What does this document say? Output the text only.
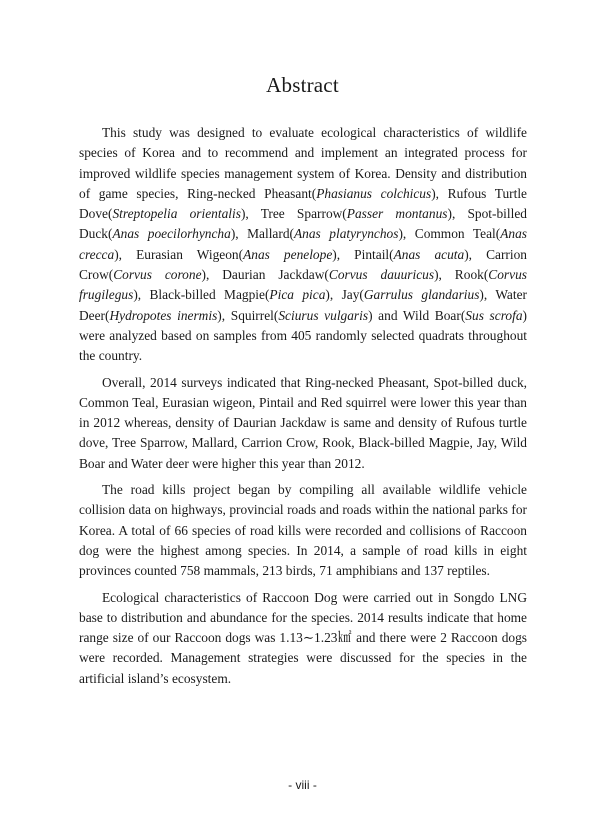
Abstract

This study was designed to evaluate ecological characteristics of wildlife species of Korea and to recommend and implement an integrated process for improved wildlife species management system of Korea. Density and distribution of game species, Ring-necked Pheasant(Phasianus colchicus), Rufous Turtle Dove(Streptopelia orientalis), Tree Sparrow(Passer montanus), Spot-billed Duck(Anas poecilorhyncha), Mallard(Anas platyrynchos), Common Teal(Anas crecca), Eurasian Wigeon(Anas penelope), Pintail(Anas acuta), Carrion Crow(Corvus corone), Daurian Jackdaw(Corvus dauuricus), Rook(Corvus frugilegus), Black-billed Magpie(Pica pica), Jay(Garrulus glandarius), Water Deer(Hydropotes inermis), Squirrel(Sciurus vulgaris) and Wild Boar(Sus scrofa) were analyzed based on samples from 405 randomly selected quadrats throughout the country.

Overall, 2014 surveys indicated that Ring-necked Pheasant, Spot-billed duck, Common Teal, Eurasian wigeon, Pintail and Red squirrel were lower this year than in 2012 whereas, density of Daurian Jackdaw is same and density of Rufous turtle dove, Tree Sparrow, Mallard, Carrion Crow, Rook, Black-billed Magpie, Jay, Wild Boar and Water deer were higher this year than 2012.

The road kills project began by compiling all available wildlife vehicle collision data on highways, provincial roads and roads within the national parks for Korea. A total of 66 species of road kills were recorded and collisions of Raccoon dog were the highest among species. In 2014, a sample of road kills in eight provinces counted 758 mammals, 213 birds, 71 amphibians and 137 reptiles.

Ecological characteristics of Raccoon Dog were carried out in Songdo LNG base to distribution and abundance for the species. 2014 results indicate that home range size of our Raccoon dogs was 1.13∼1.23㎢ and there were 2 Raccoon dogs were recorded. Management strategies were discussed for the species in the artificial island’s ecosystem.

- viii -
